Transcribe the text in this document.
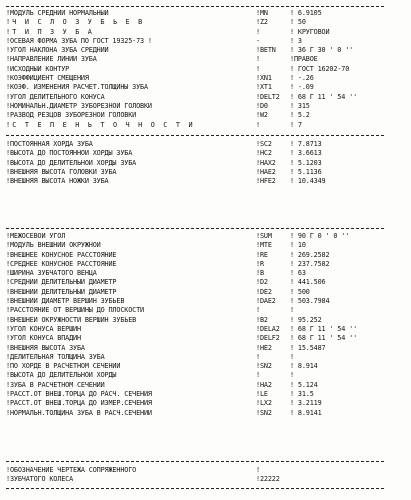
!МОДУЛЬ СРЕДНИЙ НОРМАЛЬНЫЙ	!MN	! 6.9105
!Ч И С Л О З У Б Ь Е В	!Z2	! 50
!Т И П З У Б А	!	! КРУГОВОЙ
!ОСЕВАЯ ФОРМА ЗУБА ПО ГОСТ 19325-73 !	-	! 3
!УГОЛ НАКЛОНА ЗУБА СРЕДНИЙ	!BETN	! 36 Г 30 ' 0 ''
!НАПРАВЛЕНИЕ ЛИНИИ ЗУБА	!	!ПРАВОЕ
!ИСХОДНЫЙ КОНТУР	!	! ГОСТ 16202-70
!КОЭФФИЦИЕНТ СМЕЩЕНИЯ	!XN1	! -.26
!КОЭФ. ИЗМЕНЕНИЯ РАСЧЕТ.ТОЛЩИНЫ ЗУБА	!XT1	! -.09
!УГОЛ ДЕЛИТЕЛЬНОГО КОНУСА	!DELT2	! 68 Г 11 ' 54 ''
!НОМИНАЛЬН.ДИАМЕТР ЗУБОРЕЗНОЙ ГОЛОВКИ	!D0	! 315
!РАЗВОД РЕЗЦОВ ЗУБОРЕЗНОЙ ГОЛОВКИ	!W2	! 5.2
!С Т Е П Е Н Ь Т О Ч Н О С Т И	!	! 7
!ПОСТОЯННАЯ ХОРДА ЗУБА	!SC2	! 7.8713
!ВЫСОТА ДО ПОСТОЯННОЙ ХОРДЫ ЗУБА	!HC2	! 3.6613
!ВЫСОТА ДО ДЕЛИТЕЛЬНОЙ ХОРДЫ ЗУБА	!HAX2	! 5.1203
!ВНЕШНЯЯ ВЫСОТА ГОЛОВКИ ЗУБА	!HAE2	! 5.1136
!ВНЕШНЯЯ ВЫСОТА НОЖКИ ЗУБА	!HFE2	! 10.4349
!МЕЖОСЕВОЙ УГОЛ	!SUM	! 90 Г 0 ' 0 ''
!МОДУЛЬ ВНЕШНИЙ ОКРУЖНОЙ	!MTE	! 10
!ВНЕШНЕЕ КОНУСНОЕ РАССТОЯНИЕ	!RE	! 269.2582
!СРЕДНЕЕ КОНУСНОЕ РАССТОЯНИЕ	!R	! 237.7582
!ШИРИНА ЗУБЧАТОГО ВЕНЦА	!B	! 63
!СРЕДНИЙ ДЕЛИТЕЛЬНЫЙ ДИАМЕТР	!D2	! 441.506
!ВНЕШНИЙ ДЕЛИТЕЛЬНЫЙ ДИАМЕТР	!DE2	! 500
!ВНЕШНИЙ ДИАМЕТР ВЕРШИН ЗУБЬЕВ	!DAE2	! 503.7984
!РАССТОЯНИЕ ОТ ВЕРШИНЫ ДО ПЛОСКОСТИ	!	!
!ВНЕШНЕЙ ОКРУЖНОСТИ ВЕРШИН ЗУБЬЕВ	!B2	! 95.252
!УГОЛ КОНУСА ВЕРШИН	!DELA2	! 68 Г 11 ' 54 ''
!УГОЛ КОНУСА ВПАДИН	!DELF2	! 68 Г 11 ' 54 ''
!ВНЕШНЯЯ ВЫСОТА ЗУБА	!HE2	! 15.5487
!ДЕЛИТЕЛЬНАЯ ТОЛЩИНА ЗУБА	!	!
!ПО ХОРДЕ В РАСЧЕТНОМ СЕЧЕНИИ	!SN2	! 8.914
!ВЫСОТА ДО ДЕЛИТЕЛЬНОЙ ХОРДЫ	!	!
!ЗУБА В РАСЧЕТНОМ СЕЧЕНИИ	!HA2	! 5.124
!РАССТ.ОТ ВНЕШ.ТОРЦА ДО РАСЧ. СЕЧЕНИЯ	!LE	! 31.5
!РАССТ.ОТ ВНЕШ.ТОРЦА ДО ИЗМЕР.СЕЧЕНИЯ	!LX2	! 3.2119
!НОРМАЛЬН.ТОЛЩИНА ЗУБА В РАСЧ.СЕЧЕНИИ	!SN2	! 8.9141
!ОБОЗНАЧЕНИЕ ЧЕРТЕЖА СОПРЯЖЕННОГО	!
!ЗУБЧАТОГО КОЛЕСА	!22222
